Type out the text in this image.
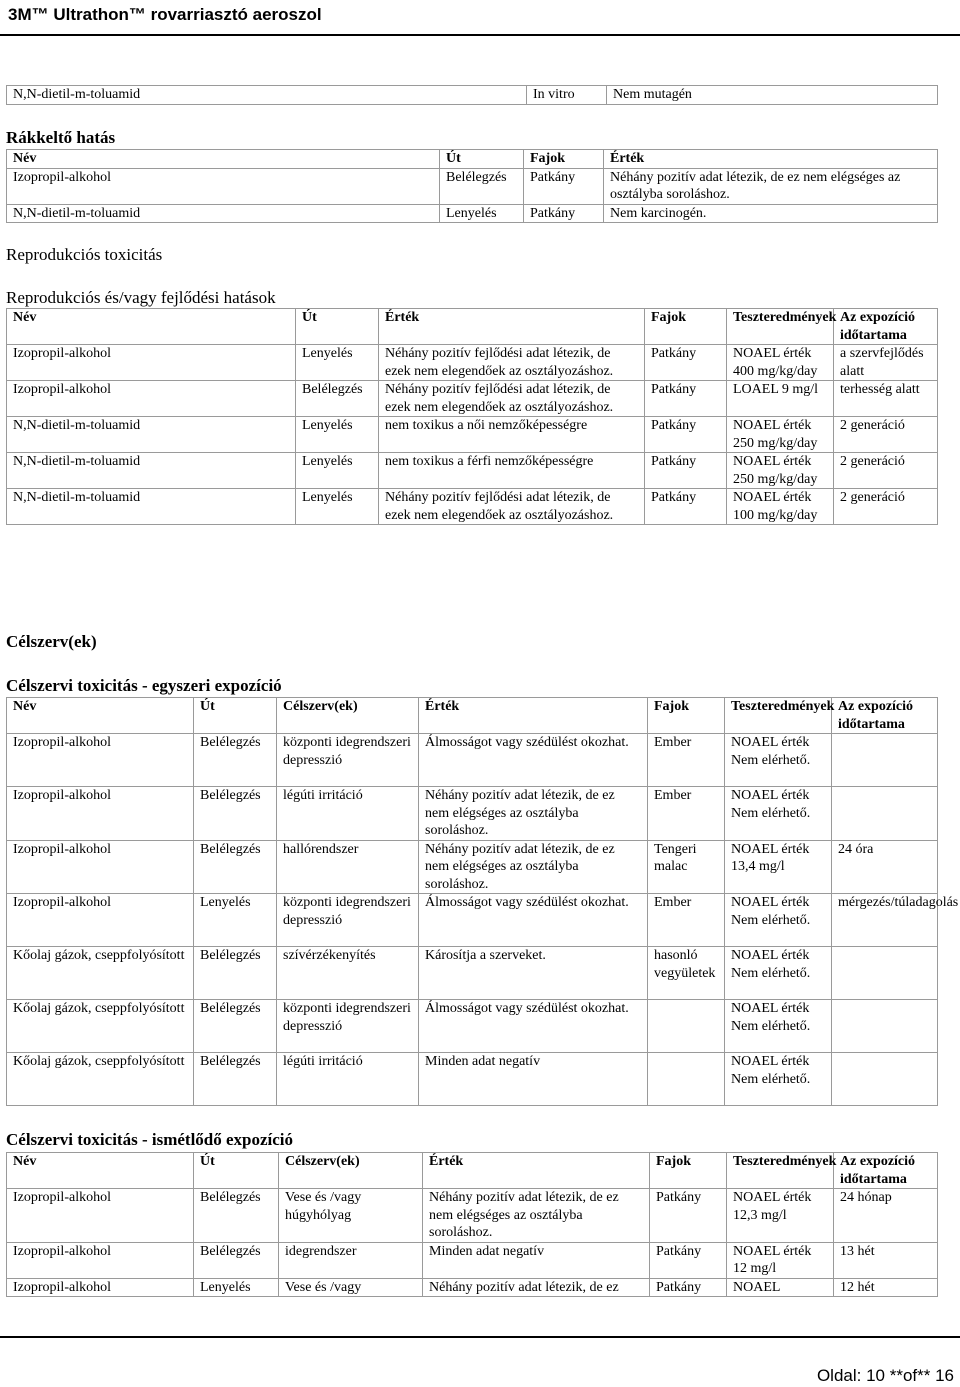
3M™ Ultrathon™ rovarriasztó aeroszol
N,N-dietil-m-toluamid	In vitro	Nem mutagén
Rákkeltő hatás
Név	Út	Fajok	Érték
Izopropil-alkohol	Belélegzés	Patkány	Néhány pozitív adat létezik, de ez nem elégséges az osztályba soroláshoz.
N,N-dietil-m-toluamid	Lenyelés	Patkány	Nem karcinogén.
Reprodukciós toxicitás
Reprodukciós és/vagy fejlődési hatások
Név	Út	Érték	Fajok	Teszteredmények	Az expozíció időtartama
Izopropil-alkohol	Lenyelés	Néhány pozitív fejlődési adat létezik, de ezek nem elegendőek az osztályozáshoz.	Patkány	NOAEL érték 400 mg/kg/day	a szervfejlődés alatt
Izopropil-alkohol	Belélegzés	Néhány pozitív fejlődési adat létezik, de ezek nem elegendőek az osztályozáshoz.	Patkány	LOAEL 9 mg/l	terhesség alatt
N,N-dietil-m-toluamid	Lenyelés	nem toxikus a női nemzőképességre	Patkány	NOAEL érték 250 mg/kg/day	2 generáció
N,N-dietil-m-toluamid	Lenyelés	nem toxikus a férfi nemzőképességre	Patkány	NOAEL érték 250 mg/kg/day	2 generáció
N,N-dietil-m-toluamid	Lenyelés	Néhány pozitív fejlődési adat létezik, de ezek nem elegendőek az osztályozáshoz.	Patkány	NOAEL érték 100 mg/kg/day	2 generáció
Célszerv(ek)
Célszervi toxicitás - egyszeri expozíció
Név	Út	Célszerv(ek)	Érték	Fajok	Teszteredmények	Az expozíció időtartama
Izopropil-alkohol	Belélegzés	központi idegrendszeri depresszió	Álmosságot vagy szédülést okozhat.	Ember	NOAEL érték Nem elérhető.	
Izopropil-alkohol	Belélegzés	légúti irritáció	Néhány pozitív adat létezik, de ez nem elégséges az osztályba soroláshoz.	Ember	NOAEL érték Nem elérhető.	
Izopropil-alkohol	Belélegzés	hallórendszer	Néhány pozitív adat létezik, de ez nem elégséges az osztályba soroláshoz.	Tengeri malac	NOAEL érték 13,4 mg/l	24 óra
Izopropil-alkohol	Lenyelés	központi idegrendszeri depresszió	Álmosságot vagy szédülést okozhat.	Ember	NOAEL érték Nem elérhető.	mérgezés/túladagolás
Kőolaj gázok, cseppfolyósított	Belélegzés	szívérzékenyítés	Károsítja a szerveket.	hasonló vegyületek	NOAEL érték Nem elérhető.	
Kőolaj gázok, cseppfolyósított	Belélegzés	központi idegrendszeri depresszió	Álmosságot vagy szédülést okozhat.		NOAEL érték Nem elérhető.	
Kőolaj gázok, cseppfolyósított	Belélegzés	légúti irritáció	Minden adat negatív		NOAEL érték Nem elérhető.	
Célszervi toxicitás - ismétlődő expozíció
Név	Út	Célszerv(ek)	Érték	Fajok	Teszteredmények	Az expozíció időtartama
Izopropil-alkohol	Belélegzés	Vese és /vagy húgyhólyag	Néhány pozitív adat létezik, de ez nem elégséges az osztályba soroláshoz.	Patkány	NOAEL érték 12,3 mg/l	24 hónap
Izopropil-alkohol	Belélegzés	idegrendszer	Minden adat negatív	Patkány	NOAEL érték 12 mg/l	13 hét
Izopropil-alkohol	Lenyelés	Vese és /vagy	Néhány pozitív adat létezik, de ez	Patkány	NOAEL	12 hét
Oldal: 10 **of** 16
